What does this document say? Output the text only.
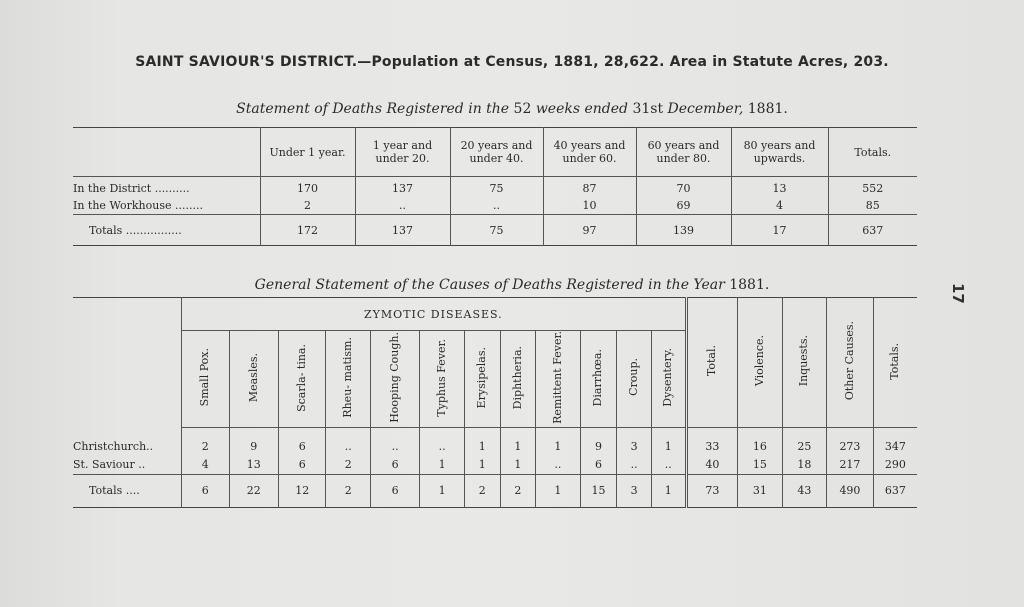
SAINT SAVIOUR'S DISTRICT.—Population at Census, 1881, 28,622. Area in Statute Acres, 203.
Statement of Deaths Registered in the 52 weeks ended 31st December, 1881.
	Under 1 year.	1 year and under 20.	20 years and under 40.	40 years and under 60.	60 years and under 80.	80 years and upwards.	Totals.
In the District ..........	170	137	75	87	70	13	552
In the Workhouse ........	2	..	..	10	69	4	85
Totals ................	172	137	75	97	139	17	637
General Statement of the Causes of Deaths Registered in the Year 1881.
	ZYMOTIC DISEASES.												Total.	Violence.	Inquests.	Other Causes.	Totals.
	Small Pox.	Measles.	Scarla- tina.	Rheu- matism.	Hooping Cough.	Typhus Fever.	Erysipelas.	Diphtheria.	Remittent Fever.	Diarrhœa.	Croup.	Dysentery.					
Christchurch..	2	9	6	..	..	..	1	1	1	9	3	1	33	16	25	273	347
St. Saviour ..	4	13	6	2	6	1	1	1	..	6	..	..	40	15	18	217	290
Totals ....	6	22	12	2	6	1	2	2	1	15	3	1	73	31	43	490	637
17
